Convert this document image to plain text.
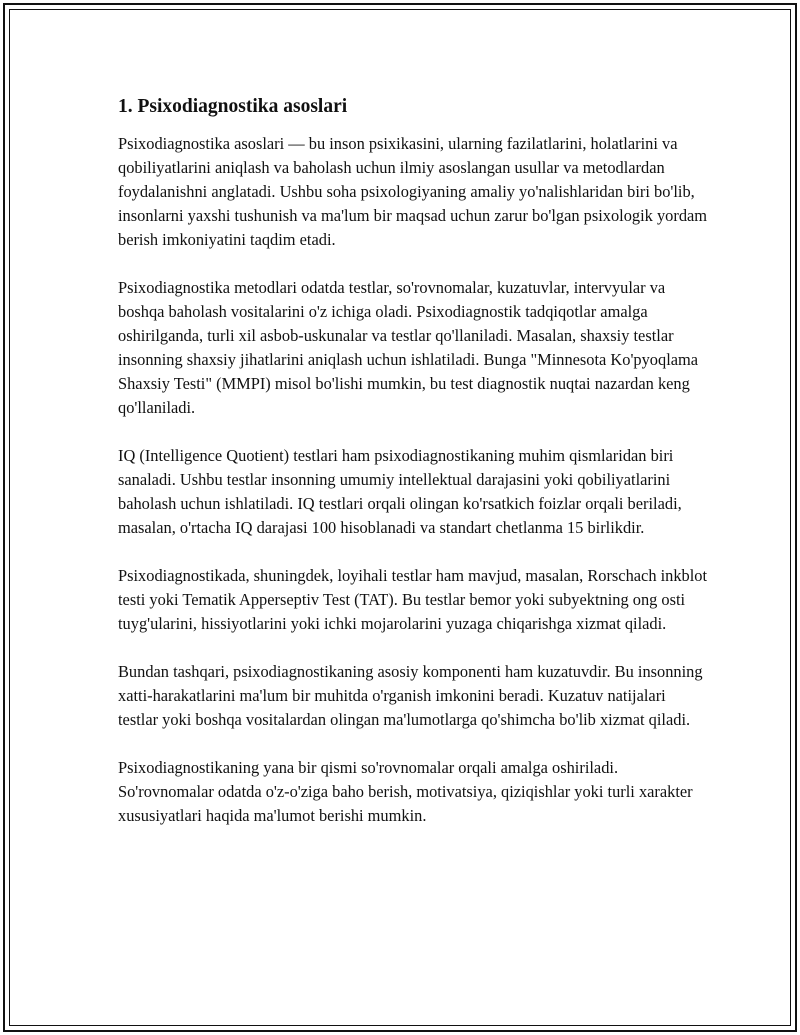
1. Psixodiagnostika asoslari

Psixodiagnostika asoslari — bu inson psixikasini, ularning fazilatlarini, holatlarini va qobiliyatlarini aniqlash va baholash uchun ilmiy asoslangan usullar va metodlardan foydalanishni anglatadi. Ushbu soha psixologiyaning amaliy yo'nalishlaridan biri bo'lib, insonlarni yaxshi tushunish va ma'lum bir maqsad uchun zarur bo'lgan psixologik yordam berish imkoniyatini taqdim etadi.

Psixodiagnostika metodlari odatda testlar, so'rovnomalar, kuzatuvlar, intervyular va boshqa baholash vositalarini o'z ichiga oladi. Psixodiagnostik tadqiqotlar amalga oshirilganda, turli xil asbob-uskunalar va testlar qo'llaniladi. Masalan, shaxsiy testlar insonning shaxsiy jihatlarini aniqlash uchun ishlatiladi. Bunga "Minnesota Ko'pyoqlama Shaxsiy Testi" (MMPI) misol bo'lishi mumkin, bu test diagnostik nuqtai nazardan keng qo'llaniladi.

IQ (Intelligence Quotient) testlari ham psixodiagnostikaning muhim qismlaridan biri sanaladi. Ushbu testlar insonning umumiy intellektual darajasini yoki qobiliyatlarini baholash uchun ishlatiladi. IQ testlari orqali olingan ko'rsatkich foizlar orqali beriladi, masalan, o'rtacha IQ darajasi 100 hisoblanadi va standart chetlanma 15 birlikdir.

Psixodiagnostikada, shuningdek, loyihali testlar ham mavjud, masalan, Rorschach inkblot testi yoki Tematik Apperseptiv Test (TAT). Bu testlar bemor yoki subyektning ong osti tuyg'ularini, hissiyotlarini yoki ichki mojarolarini yuzaga chiqarishga xizmat qiladi.

Bundan tashqari, psixodiagnostikaning asosiy komponenti ham kuzatuvdir. Bu insonning xatti-harakatlarini ma'lum bir muhitda o'rganish imkonini beradi. Kuzatuv natijalari testlar yoki boshqa vositalardan olingan ma'lumotlarga qo'shimcha bo'lib xizmat qiladi.

Psixodiagnostikaning yana bir qismi so'rovnomalar orqali amalga oshiriladi. So'rovnomalar odatda o'z-o'ziga baho berish, motivatsiya, qiziqishlar yoki turli xarakter xususiyatlari haqida ma'lumot berishi mumkin.
